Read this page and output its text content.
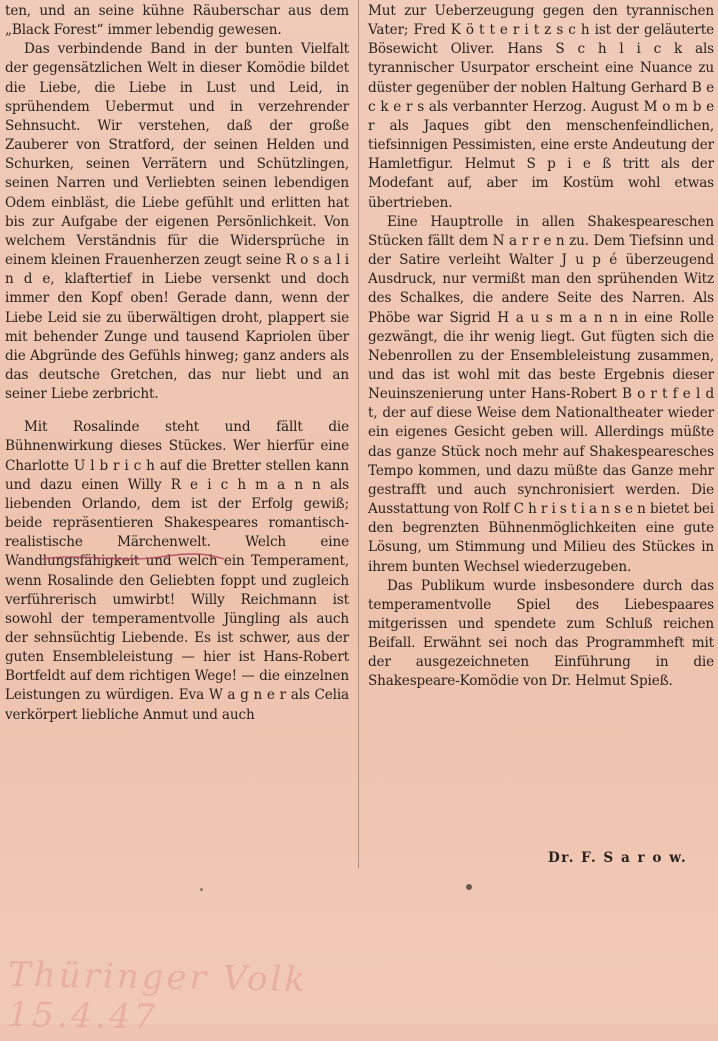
ten, und an seine kühne Räuberschar aus dem „Black Forest“ immer lebendig gewesen.

Das verbindende Band in der bunten Vielfalt der gegensätzlichen Welt in dieser Komödie bildet die Liebe, die Liebe in Lust und Leid, in sprühendem Uebermut und in verzehrender Sehnsucht. Wir verstehen, daß der große Zauberer von Stratford, der seinen Helden und Schurken, seinen Verrätern und Schützlingen, seinen Narren und Verliebten seinen lebendigen Odem einbläst, die Liebe gefühlt und erlitten hat bis zur Aufgabe der eigenen Persönlichkeit. Von welchem Verständnis für die Widersprüche in einem kleinen Frauenherzen zeugt seine R o s a l i n d e, klaftertief in Liebe versenkt und doch immer den Kopf oben! Gerade dann, wenn der Liebe Leid sie zu überwältigen droht, plappert sie mit behender Zunge und tausend Kapriolen über die Abgründe des Gefühls hinweg; ganz anders als das deutsche Gretchen, das nur liebt und an seiner Liebe zerbricht.

Mit Rosalinde steht und fällt die Bühnenwirkung dieses Stückes. Wer hierfür eine Charlotte U l b r i c h auf die Bretter stellen kann und dazu einen Willy R e i c h m a n n als liebenden Orlando, dem ist der Erfolg gewiß; beide repräsentieren Shakespeares romantisch-realistische Märchenwelt. Welch eine Wandlungsfähigkeit und welch ein Temperament, wenn Rosalinde den Geliebten foppt und zugleich verführerisch umwirbt! Willy Reichmann ist sowohl der temperamentvolle Jüngling als auch der sehnsüchtig Liebende. Es ist schwer, aus der guten Ensembleleistung — hier ist Hans-Robert Bortfeldt auf dem richtigen Wege! — die einzelnen Leistungen zu würdigen. Eva W a g n e r als Celia verkörpert liebliche Anmut und auch

Mut zur Ueberzeugung gegen den tyrannischen Vater; Fred K ö t t e r i t z s c h ist der geläuterte Bösewicht Oliver. Hans S c h l i c k als tyrannischer Usurpator erscheint eine Nuance zu düster gegenüber der noblen Haltung Gerhard B e c k e r s als verbannter Herzog. August M o m b e r als Jaques gibt den menschenfeindlichen, tiefsinnigen Pessimisten, eine erste Andeutung der Hamletfigur. Helmut S p i e ß tritt als der Modefant auf, aber im Kostüm wohl etwas übertrieben.

Eine Hauptrolle in allen Shakespeareschen Stücken fällt dem N a r r e n zu. Dem Tiefsinn und der Satire verleiht Walter J u p é überzeugend Ausdruck, nur vermißt man den sprühenden Witz des Schalkes, die andere Seite des Narren. Als Phöbe war Sigrid H a u s m a n n in eine Rolle gezwängt, die ihr wenig liegt. Gut fügten sich die Nebenrollen zu der Ensembleleistung zusammen, und das ist wohl mit das beste Ergebnis dieser Neuinszenierung unter Hans-Robert B o r t f e l d t, der auf diese Weise dem Nationaltheater wieder ein eigenes Gesicht geben will. Allerdings müßte das ganze Stück noch mehr auf Shakespearesches Tempo kommen, und dazu müßte das Ganze mehr gestrafft und auch synchronisiert werden. Die Ausstattung von Rolf C h r i s t i a n s e n bietet bei den begrenzten Bühnenmöglichkeiten eine gute Lösung, um Stimmung und Milieu des Stückes in ihrem bunten Wechsel wiederzugeben.

Das Publikum wurde insbesondere durch das temperamentvolle Spiel des Liebespaares mitgerissen und spendete zum Schluß reichen Beifall. Erwähnt sei noch das Programmheft mit der ausgezeichneten Einführung in die Shakespeare-Komödie von Dr. Helmut Spieß.

Dr. F. S a r o w.
Thüringer Volk 15.4.47
